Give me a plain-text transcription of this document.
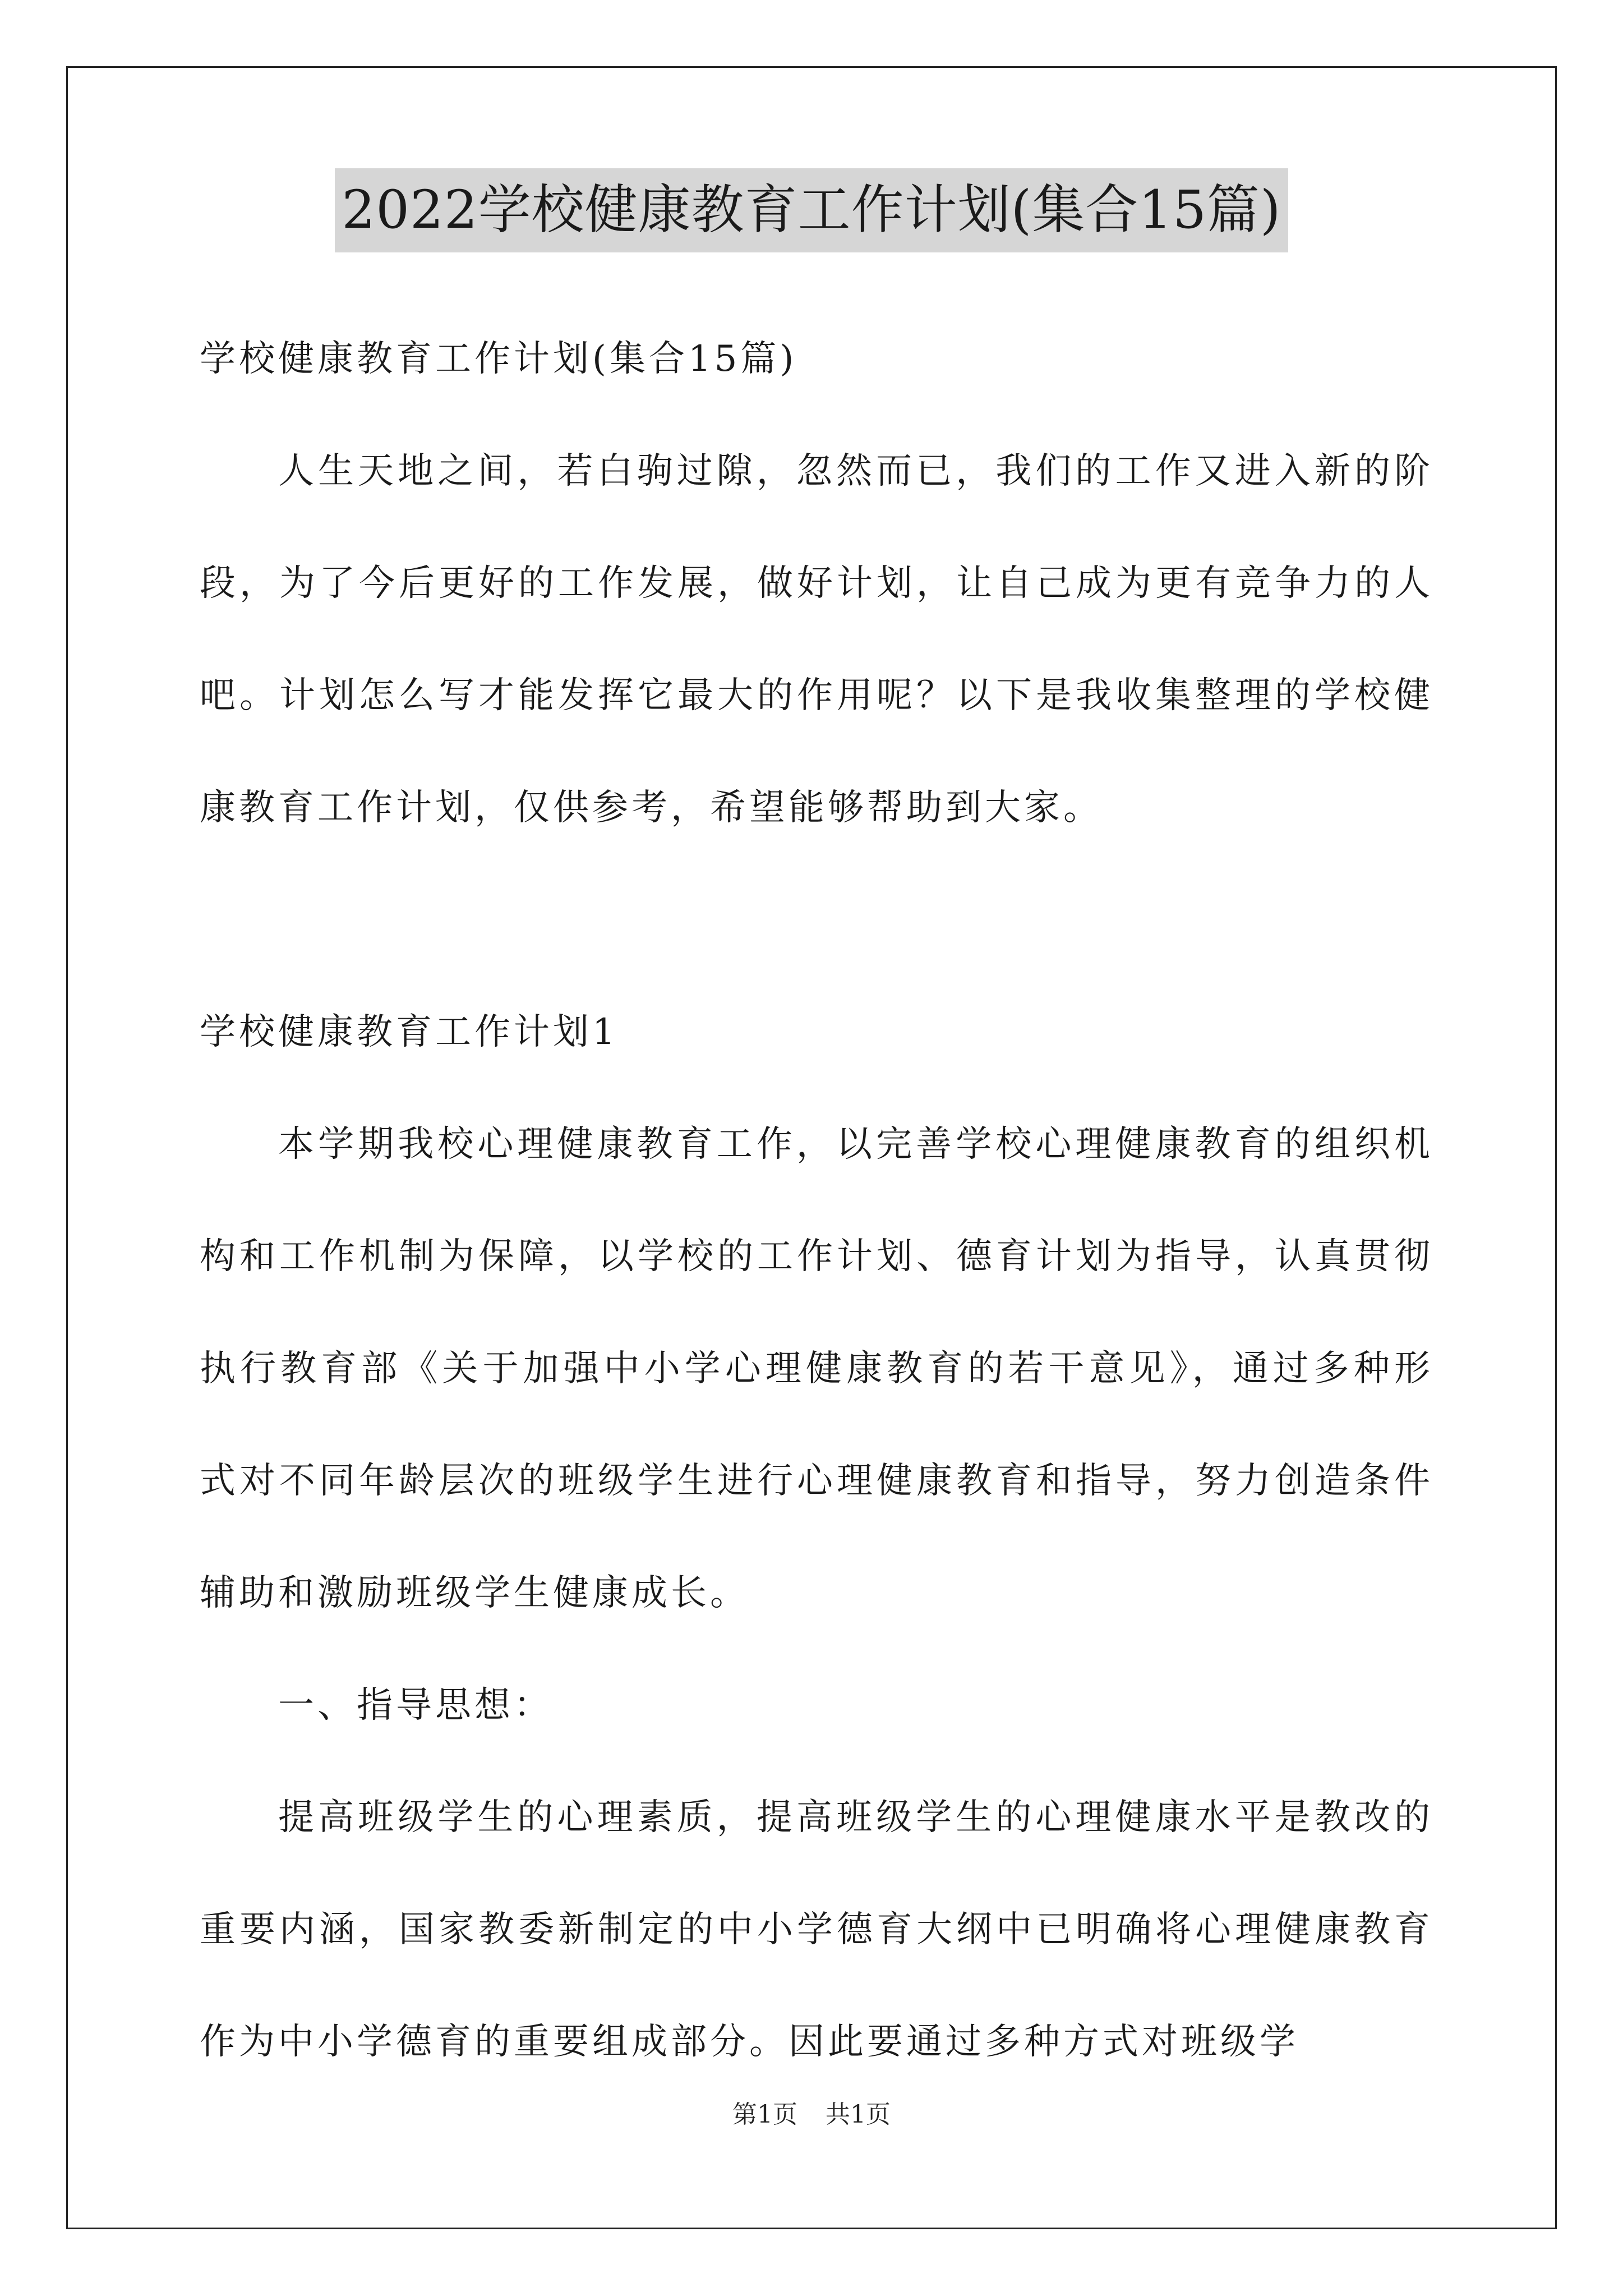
2022学校健康教育工作计划(集合15篇)

学校健康教育工作计划(集合15篇)

人生天地之间，若白驹过隙，忽然而已，我们的工作又进入新的阶段，为了今后更好的工作发展，做好计划，让自己成为更有竞争力的人吧。计划怎么写才能发挥它最大的作用呢？以下是我收集整理的学校健康教育工作计划，仅供参考，希望能够帮助到大家。

学校健康教育工作计划1

本学期我校心理健康教育工作，以完善学校心理健康教育的组织机构和工作机制为保障，以学校的工作计划、德育计划为指导，认真贯彻执行教育部《关于加强中小学心理健康教育的若干意见》，通过多种形式对不同年龄层次的班级学生进行心理健康教育和指导，努力创造条件辅助和激励班级学生健康成长。

一、指导思想：

提高班级学生的心理素质，提高班级学生的心理健康水平是教改的重要内涵，国家教委新制定的中小学德育大纲中已明确将心理健康教育作为中小学德育的重要组成部分。因此要通过多种方式对班级学

第1页 共1页
